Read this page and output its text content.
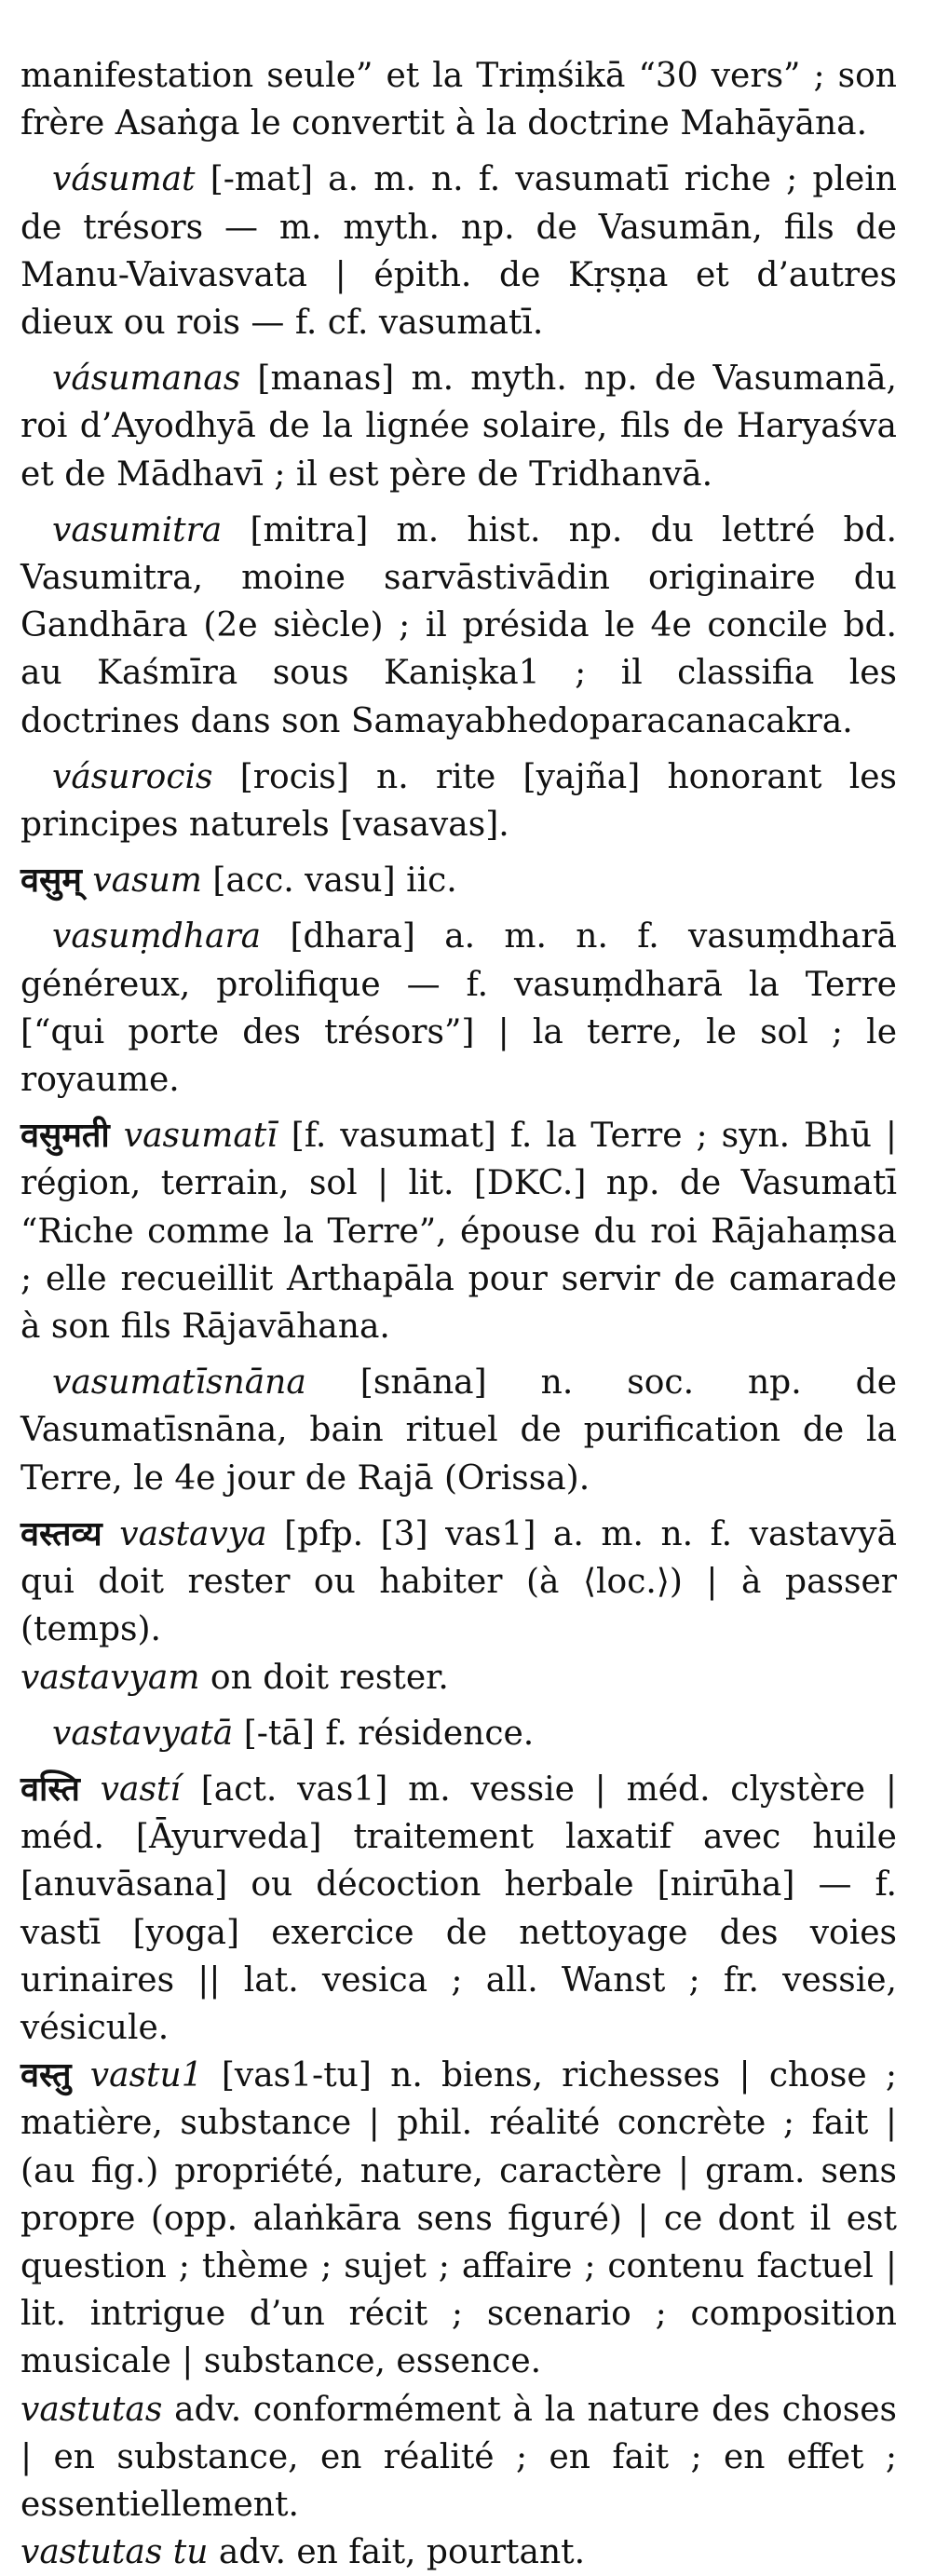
manifestation seule” et la Triṃśikā “30 vers” ; son frère Asaṅga le convertit à la doctrine Mahāyāna.

vásumat [-mat] a. m. n. f. vasumatī riche ; plein de trésors — m. myth. np. de Vasumān, fils de Manu-Vaivasvata | épith. de Kṛṣṇa et d’autres dieux ou rois — f. cf. vasumatī.

vásumanas [manas] m. myth. np. de Vasumanā, roi d’Ayodhyā de la lignée solaire, fils de Haryaśva et de Mādhavī ; il est père de Tridhanvā.

vasumitra [mitra] m. hist. np. du lettré bd. Vasumitra, moine sarvāstivādin originaire du Gandhāra (2e siècle) ; il présida le 4e concile bd. au Kaśmīra sous Kaniṣka1 ; il classifia les doctrines dans son Samayabhedoparacanacakra.

vásurocis [rocis] n. rite [yajña] honorant les principes naturels [vasavas].

वसुम् vasum [acc. vasu] iic.

vasuṃdhara [dhara] a. m. n. f. vasuṃdharā généreux, prolifique — f. vasuṃdharā la Terre [“qui porte des trésors”] | la terre, le sol ; le royaume.

वसुमती vasumatī [f. vasumat] f. la Terre ; syn. Bhū | région, terrain, sol | lit. [DKC.] np. de Vasumatī “Riche comme la Terre”, épouse du roi Rājahaṃsa ; elle recueillit Arthapāla pour servir de camarade à son fils Rājavāhana.

vasumatīsnāna [snāna] n. soc. np. de Vasumatīsnāna, bain rituel de purification de la Terre, le 4e jour de Rajā (Orissa).

वस्तव्य vastavya [pfp. [3] vas1] a. m. n. f. vastavyā qui doit rester ou habiter (à ⟨loc.⟩) | à passer (temps).

vastavyam on doit rester.

vastavyatā [-tā] f. résidence.

वस्ति vastí [act. vas1] m. vessie | méd. clystère | méd. [Āyurveda] traitement laxatif avec huile [anuvāsana] ou décoction herbale [nirūha] — f. vastī [yoga] exercice de nettoyage des voies urinaires || lat. vesica ; all. Wanst ; fr. vessie, vésicule.

वस्तु vastu1 [vas1-tu] n. biens, richesses | chose ; matière, substance | phil. réalité concrète ; fait | (au fig.) propriété, nature, caractère | gram. sens propre (opp. alaṅkāra sens figuré) | ce dont il est question ; thème ; sujet ; affaire ; contenu factuel | lit. intrigue d’un récit ; scenario ; composition musicale | substance, essence.

vastutas adv. conformément à la nature des choses | en substance, en réalité ; en fait ; en effet ; essentiellement.

vastutas tu adv. en fait, pourtant.
